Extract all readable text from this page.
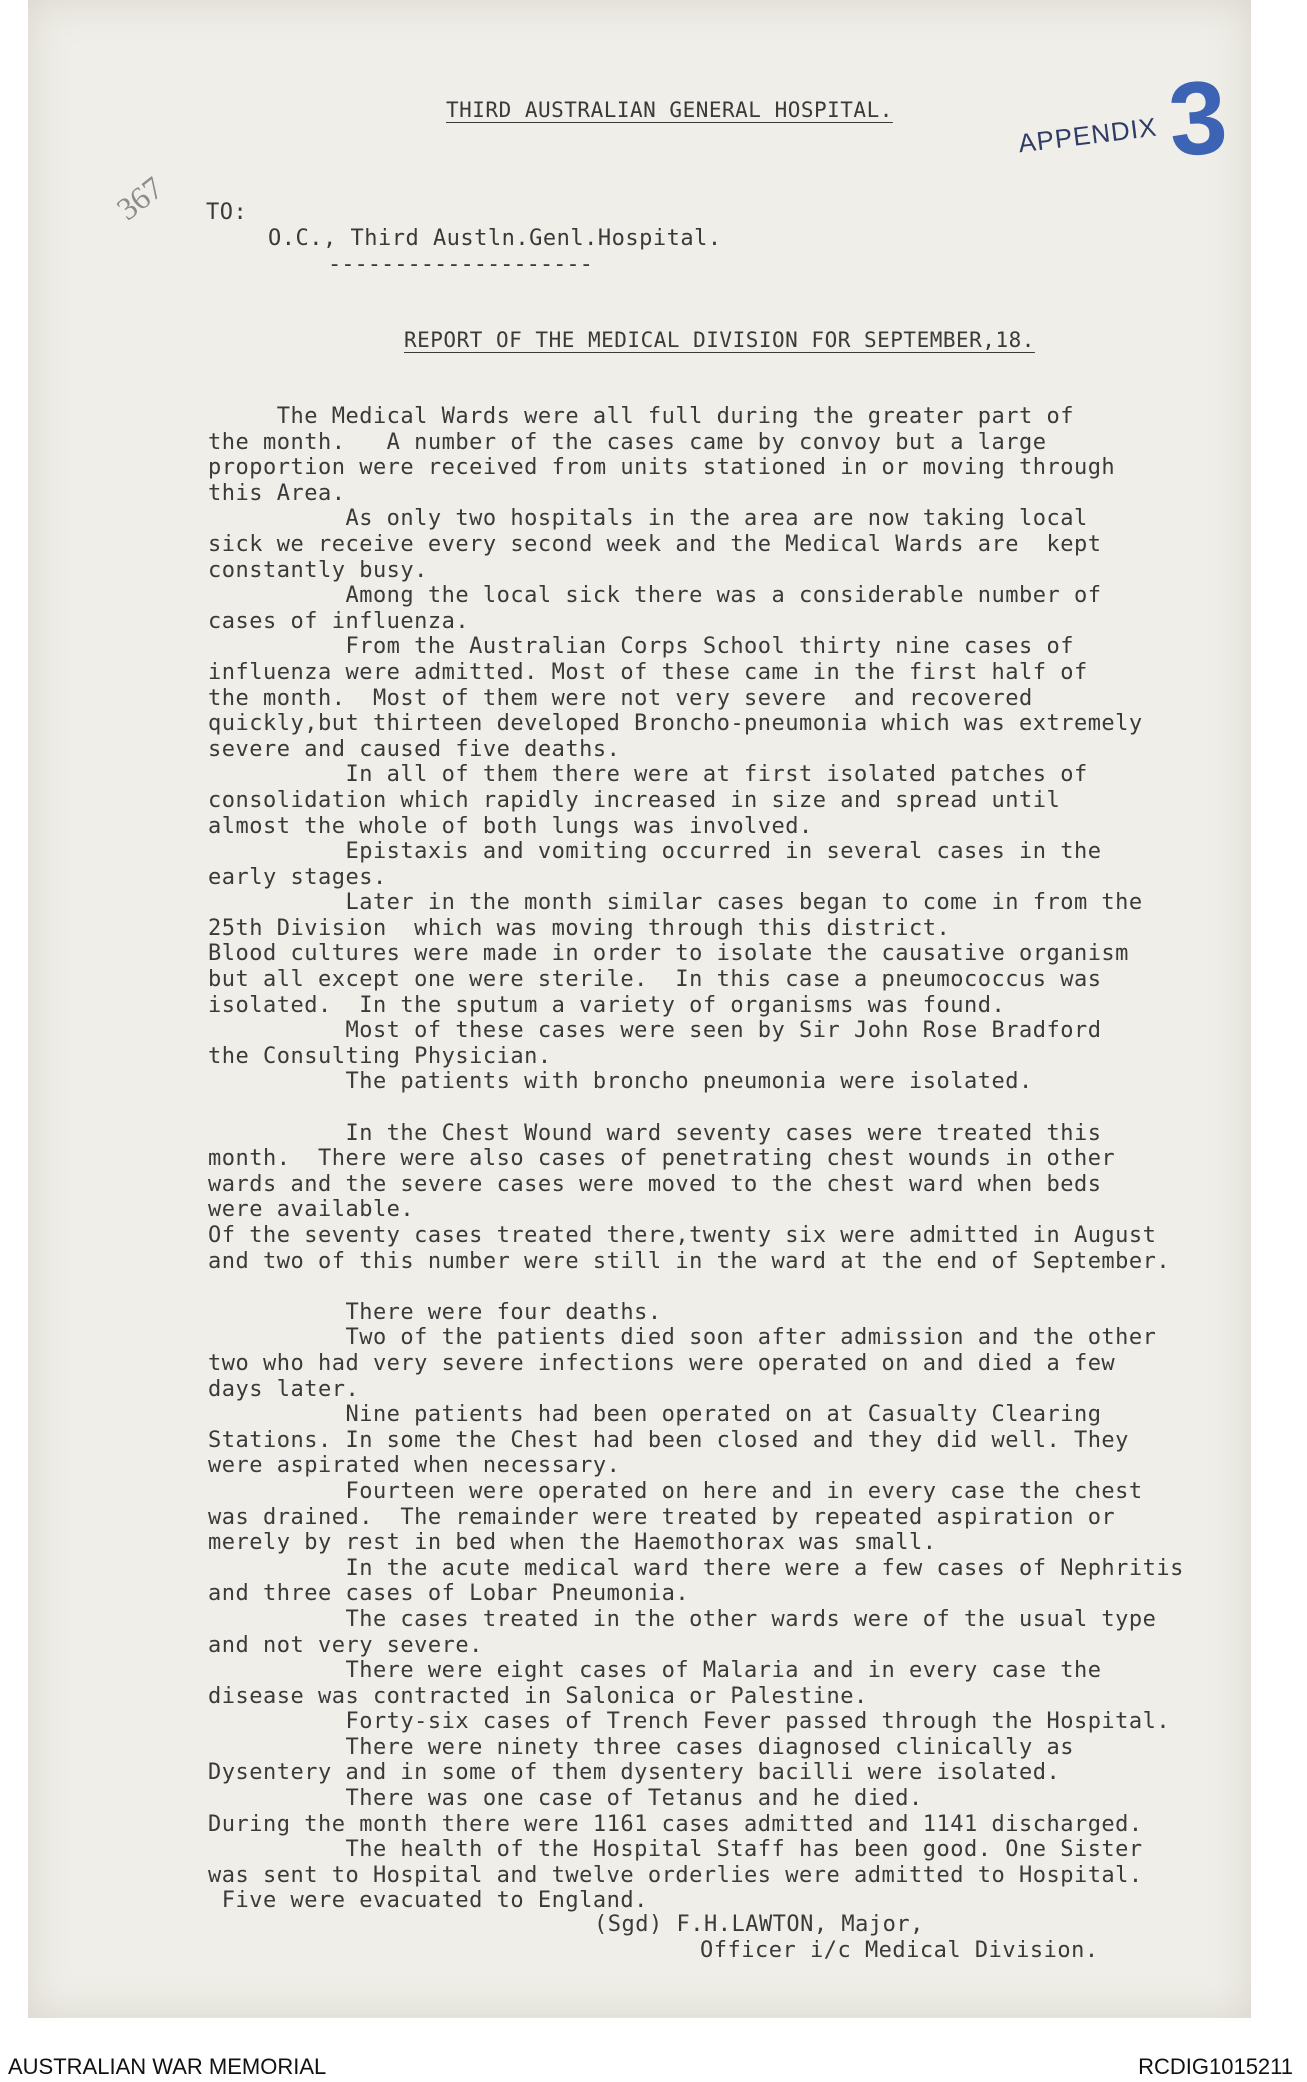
THIRD AUSTRALIAN GENERAL HOSPITAL.
APPENDIX 3
367 TO:
O.C., Third Austln.Genl.Hospital.
--------------------
REPORT OF THE MEDICAL DIVISION FOR SEPTEMBER,18.
The Medical Wards were all full during the greater part of
the month.   A number of the cases came by convoy but a large
proportion were received from units stationed in or moving through
this Area.
As only two hospitals in the area are now taking local
sick we receive every second week and the Medical Wards are  kept
constantly busy.
Among the local sick there was a considerable number of
cases of influenza.
From the Australian Corps School thirty nine cases of
influenza were admitted. Most of these came in the first half of
the month.  Most of them were not very severe  and recovered
quickly,but thirteen developed Broncho-pneumonia which was extremely
severe and caused five deaths.
In all of them there were at first isolated patches of
consolidation which rapidly increased in size and spread until
almost the whole of both lungs was involved.
Epistaxis and vomiting occurred in several cases in the
early stages.
Later in the month similar cases began to come in from the
25th Division  which was moving through this district.
Blood cultures were made in order to isolate the causative organism
but all except one were sterile.  In this case a pneumococcus was
isolated.  In the sputum a variety of organisms was found.
Most of these cases were seen by Sir John Rose Bradford
the Consulting Physician.
The patients with broncho pneumonia were isolated.
In the Chest Wound ward seventy cases were treated this
month.  There were also cases of penetrating chest wounds in other
wards and the severe cases were moved to the chest ward when beds
were available.
Of the seventy cases treated there,twenty six were admitted in August
and two of this number were still in the ward at the end of September.
There were four deaths.
Two of the patients died soon after admission and the other
two who had very severe infections were operated on and died a few
days later.
Nine patients had been operated on at Casualty Clearing
Stations. In some the Chest had been closed and they did well. They
were aspirated when necessary.
Fourteen were operated on here and in every case the chest
was drained.  The remainder were treated by repeated aspiration or
merely by rest in bed when the Haemothorax was small.
In the acute medical ward there were a few cases of Nephritis
and three cases of Lobar Pneumonia.
The cases treated in the other wards were of the usual type
and not very severe.
There were eight cases of Malaria and in every case the
disease was contracted in Salonica or Palestine.
Forty-six cases of Trench Fever passed through the Hospital.
There were ninety three cases diagnosed clinically as
Dysentery and in some of them dysentery bacilli were isolated.
There was one case of Tetanus and he died.
During the month there were 1161 cases admitted and 1141 discharged.
The health of the Hospital Staff has been good. One Sister
was sent to Hospital and twelve orderlies were admitted to Hospital.
Five were evacuated to England.
(Sgd) F.H.LAWTON, Major,
Officer i/c Medical Division.
AUSTRALIAN WAR MEMORIAL	RCDIG1015211
